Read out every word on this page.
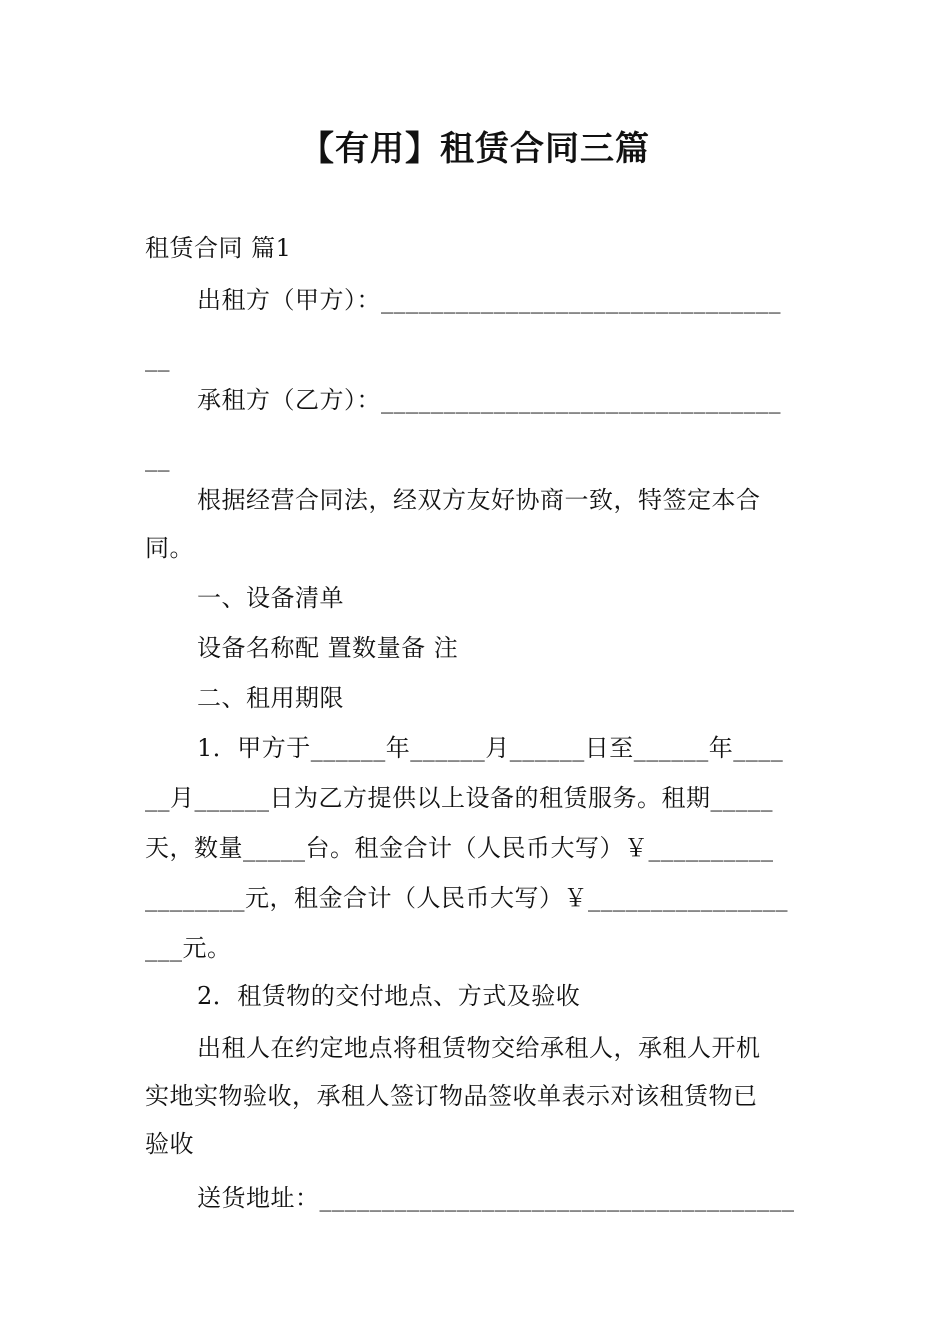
【有用】租赁合同三篇
租赁合同 篇1
出租方（甲方）：________________________________
__
承租方（乙方）：________________________________
__
根据经营合同法，经双方友好协商一致，特签定本合
同。
一、设备清单
设备名称配 置数量备 注
二、租用期限
1．甲方于______年______月______日至______年____
__月______日为乙方提供以上设备的租赁服务。租期_____
天，数量_____台。租金合计（人民币大写）￥__________
________元，租金合计（人民币大写）￥________________
___元。
2．租赁物的交付地点、方式及验收
出租人在约定地点将租赁物交给承租人，承租人开机
实地实物验收，承租人签订物品签收单表示对该租赁物已
验收
送货地址：______________________________________
